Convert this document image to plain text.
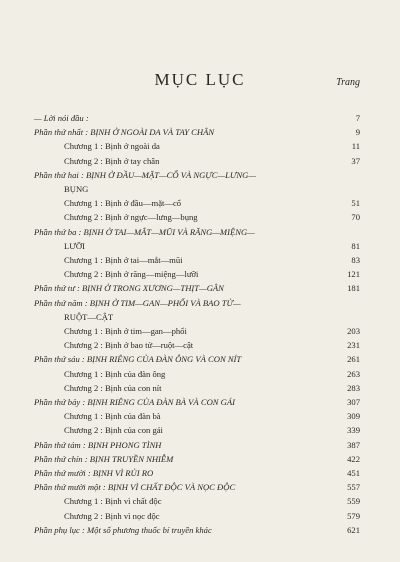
MỤC LỤC	Trang
— Lời nói đầu :	7
Phần thứ nhất : BỊNH Ở NGOÀI DA VÀ TAY CHÂN	9
Chương 1 : Bịnh ở ngoài da	11
Chương 2 : Bịnh ở tay chân	37
Phần thứ hai : BỊNH Ở ĐẦU—MẶT—CỔ VÀ NGỰC—LƯNG—
BỤNG
Chương 1 : Bịnh ở đầu—mặt—cổ	51
Chương 2 : Bịnh ở ngực—lưng—bụng	70
Phần thứ ba : BỊNH Ở TAI—MẮT—MŨI VÀ RĂNG—MIỆNG—
LƯỠI	81
Chương 1 : Bịnh ở tai—mắt—mũi	83
Chương 2 : Bịnh ở răng—miệng—lưỡi	121
Phần thứ tư : BỊNH Ở TRONG XƯƠNG—THỊT—GÂN	181
Phần thứ năm : BỊNH Ở TIM—GAN—PHỔI VÀ BAO TỬ—
RUỘT—CẬT
Chương 1 : Bịnh ở tim—gan—phổi	203
Chương 2 : Bịnh ở bao tử—ruột—cật	231
Phần thứ sáu : BỊNH RIÊNG CỦA ĐÀN ÔNG VÀ CON NÍT	261
Chương 1 : Bịnh của đàn ông	263
Chương 2 : Bịnh của con nít	283
Phần thứ bảy : BỊNH RIÊNG CỦA ĐÀN BÀ VÀ CON GÁI	307
Chương 1 : Bịnh của đàn bà	309
Chương 2 : Bịnh của con gái	339
Phần thứ tám : BỊNH PHONG TÌNH	387
Phần thứ chín : BỊNH TRUYỀN NHIỄM	422
Phần thứ mười : BỊNH VÌ RỦI RO	451
Phần thứ mười một : BỊNH VÌ CHẤT ĐỘC VÀ NỌC ĐỘC	557
Chương 1 : Bịnh vì chất độc	559
Chương 2 : Bịnh vì nọc độc	579
Phần phụ lục : Một số phương thuốc bí truyền khác	621
